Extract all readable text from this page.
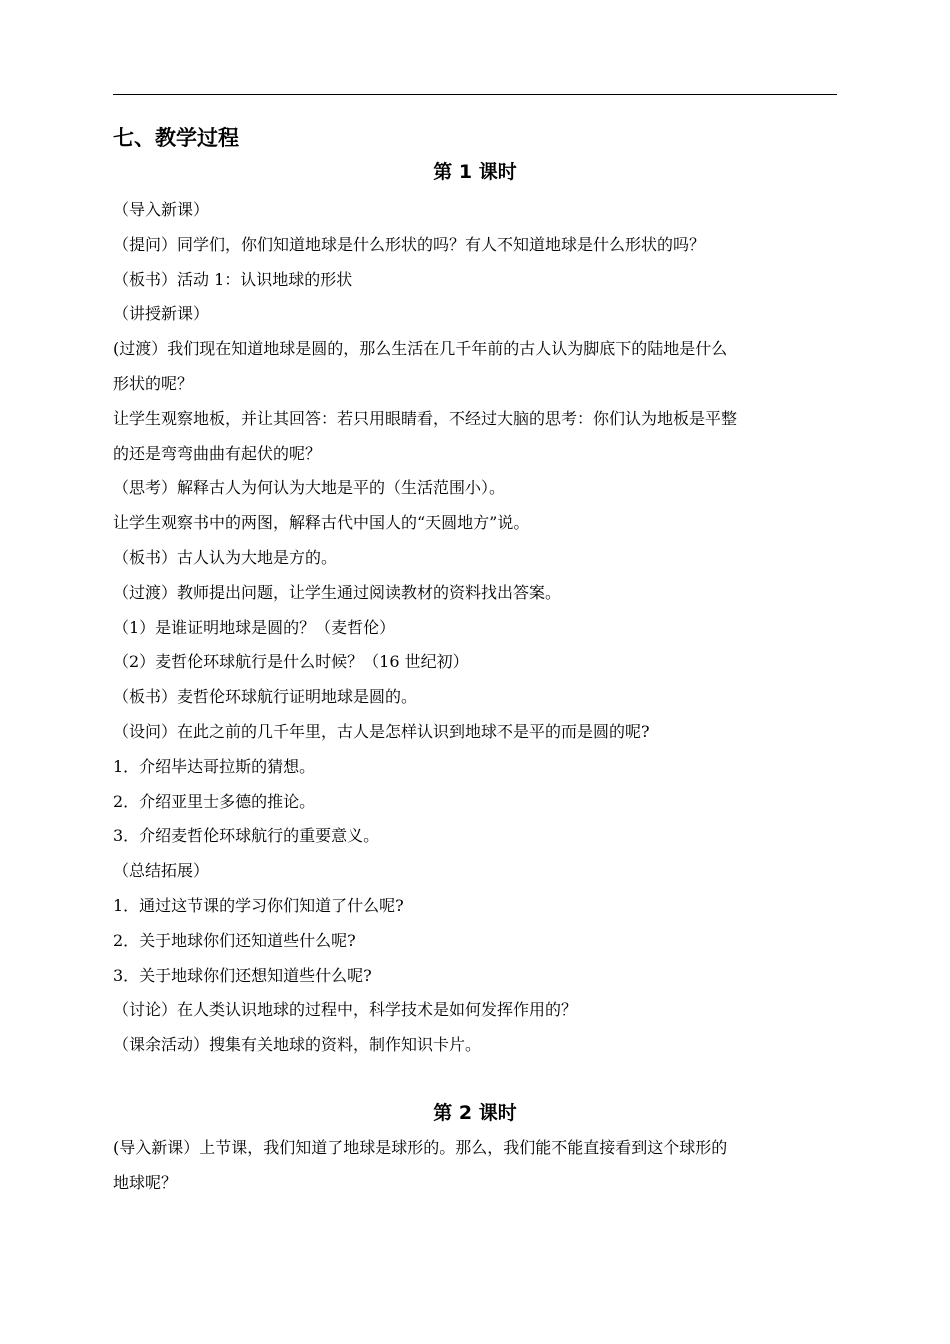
七、教学过程
第 1 课时

（导入新课）

（提问）同学们，你们知道地球是什么形状的吗？有人不知道地球是什么形状的吗？

（板书）活动 1：认识地球的形状

（讲授新课）

(过渡）我们现在知道地球是圆的，那么生活在几千年前的古人认为脚底下的陆地是什么

形状的呢？

让学生观察地板，并让其回答：若只用眼睛看，不经过大脑的思考：你们认为地板是平整

的还是弯弯曲曲有起伏的呢？

（思考）解释古人为何认为大地是平的（生活范围小）。

让学生观察书中的两图，解释古代中国人的“天圆地方”说。

（板书）古人认为大地是方的。

（过渡）教师提出问题，让学生通过阅读教材的资料找出答案。

（1）是谁证明地球是圆的？（麦哲伦）

（2）麦哲伦环球航行是什么时候？（16 世纪初）

（板书）麦哲伦环球航行证明地球是圆的。

（设问）在此之前的几千年里，古人是怎样认识到地球不是平的而是圆的呢?

1．介绍毕达哥拉斯的猜想。

2．介绍亚里士多德的推论。

3．介绍麦哲伦环球航行的重要意义。

（总结拓展）

1．通过这节课的学习你们知道了什么呢?

2．关于地球你们还知道些什么呢?

3．关于地球你们还想知道些什么呢?

（讨论）在人类认识地球的过程中，科学技术是如何发挥作用的？

（课余活动）搜集有关地球的资料，制作知识卡片。

第 2 课时

(导入新课）上节课，我们知道了地球是球形的。那么，我们能不能直接看到这个球形的

地球呢？
